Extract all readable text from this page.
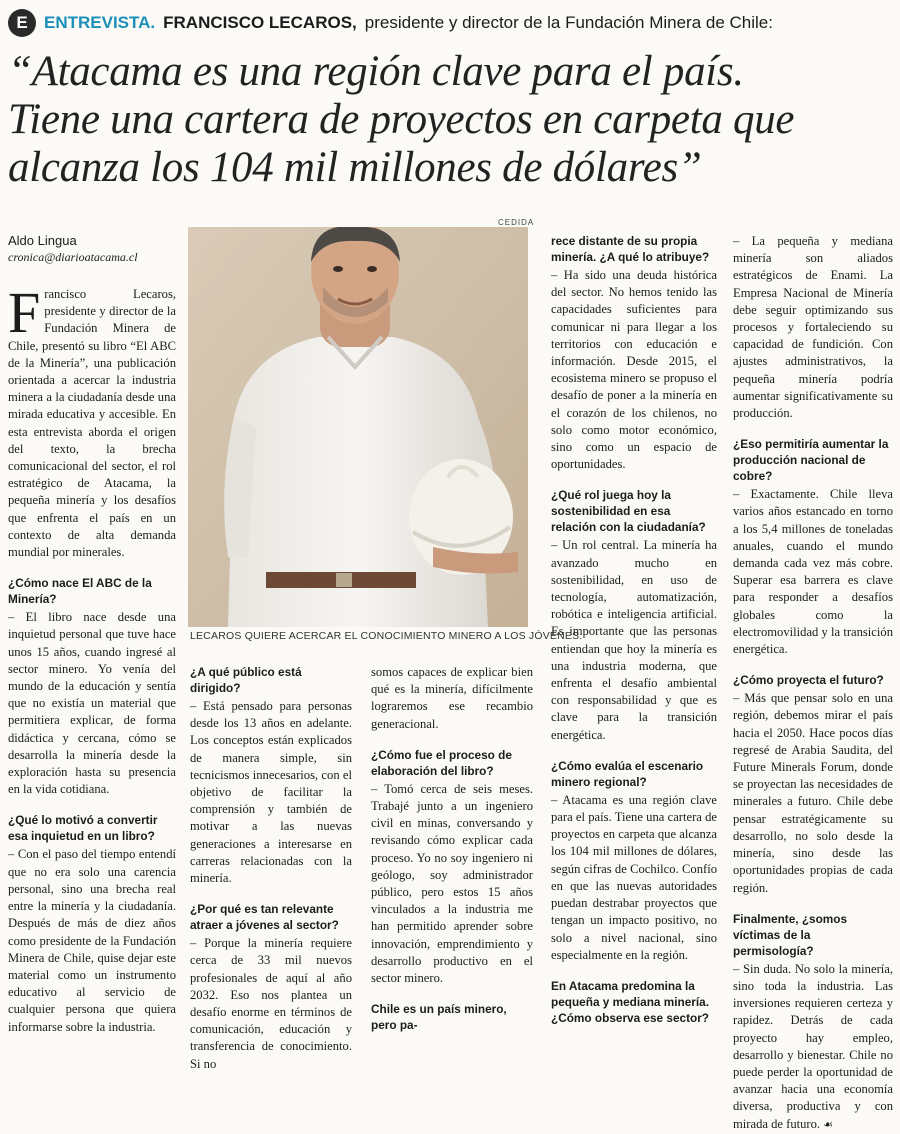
E ENTREVISTA. FRANCISCO LECAROS, presidente y director de la Fundación Minera de Chile:
“Atacama es una región clave para el país.
Tiene una cartera de proyectos en carpeta que
alcanza los 104 mil millones de dólares”
Aldo Lingua
cronica@diarioatacama.cl
CEDIDA
LECAROS QUIERE ACERCAR EL CONOCIMIENTO MINERO A LOS JÓVENES.

Francisco Lecaros, presidente y director de la Fundación Minera de Chile, presentó su libro “El ABC de la Minería”, una publicación orientada a acercar la industria minera a la ciudadanía desde una mirada educativa y accesible. En esta entrevista aborda el origen del texto, la brecha comunicacional del sector, el rol estratégico de Atacama, la pequeña minería y los desafíos que enfrenta el país en un contexto de alta demanda mundial por minerales.

¿Cómo nace El ABC de la Minería?

– El libro nace desde una inquietud personal que tuve hace unos 15 años, cuando ingresé al sector minero. Yo venía del mundo de la educación y sentía que no existía un material que permitiera explicar, de forma didáctica y cercana, cómo se desarrolla la minería desde la exploración hasta su presencia en la vida cotidiana.

¿Qué lo motivó a convertir esa inquietud en un libro?

– Con el paso del tiempo entendí que no era solo una carencia personal, sino una brecha real entre la minería y la ciudadanía. Después de más de diez años como presidente de la Fundación Minera de Chile, quise dejar este material como un instrumento educativo al servicio de cualquier persona que quiera informarse sobre la industria.

¿A qué público está dirigido?

– Está pensado para personas desde los 13 años en adelante. Los conceptos están explicados de manera simple, sin tecnicismos innecesarios, con el objetivo de facilitar la comprensión y también de motivar a las nuevas generaciones a interesarse en carreras relacionadas con la minería.

¿Por qué es tan relevante atraer a jóvenes al sector?

– Porque la minería requiere cerca de 33 mil nuevos profesionales de aquí al año 2032. Eso nos plantea un desafío enorme en términos de comunicación, educación y transferencia de conocimiento. Si no

somos capaces de explicar bien qué es la minería, difícilmente lograremos ese recambio generacional.

¿Cómo fue el proceso de elaboración del libro?

– Tomó cerca de seis meses. Trabajé junto a un ingeniero civil en minas, conversando y revisando cómo explicar cada proceso. Yo no soy ingeniero ni geólogo, soy administrador público, pero estos 15 años vinculados a la industria me han permitido aprender sobre innovación, emprendimiento y desarrollo productivo en el sector minero.

Chile es un país minero, pero pa-
rece distante de su propia minería. ¿A qué lo atribuye?

– Ha sido una deuda histórica del sector. No hemos tenido las capacidades suficientes para comunicar ni para llegar a los territorios con educación e información. Desde 2015, el ecosistema minero se propuso el desafío de poner a la minería en el corazón de los chilenos, no solo como motor económico, sino como un espacio de oportunidades.

¿Qué rol juega hoy la sostenibilidad en esa relación con la ciudadanía?

– Un rol central. La minería ha avanzado mucho en sostenibilidad, en uso de tecnología, automatización, robótica e inteligencia artificial. Es importante que las personas entiendan que hoy la minería es una industria moderna, que enfrenta el desafío ambiental con responsabilidad y que es clave para la transición energética.

¿Cómo evalúa el escenario minero regional?

– Atacama es una región clave para el país. Tiene una cartera de proyectos en carpeta que alcanza los 104 mil millones de dólares, según cifras de Cochilco. Confío en que las nuevas autoridades puedan destrabar proyectos que tengan un impacto positivo, no solo a nivel nacional, sino especialmente en la región.

En Atacama predomina la pequeña y mediana minería. ¿Cómo observa ese sector?

– La pequeña y mediana minería son aliados estratégicos de Enami. La Empresa Nacional de Minería debe seguir optimizando sus procesos y fortaleciendo su capacidad de fundición. Con ajustes administrativos, la pequeña minería podría aumentar significativamente su producción.

¿Eso permitiría aumentar la producción nacional de cobre?

– Exactamente. Chile lleva varios años estancado en torno a los 5,4 millones de toneladas anuales, cuando el mundo demanda cada vez más cobre. Superar esa barrera es clave para responder a desafíos globales como la electromovilidad y la transición energética.

¿Cómo proyecta el futuro?

– Más que pensar solo en una región, debemos mirar el país hacia el 2050. Hace pocos días regresé de Arabia Saudita, del Future Minerals Forum, donde se proyectan las necesidades de minerales a futuro. Chile debe pensar estratégicamente su desarrollo, no solo desde la minería, sino desde las oportunidades propias de cada región.

Finalmente, ¿somos víctimas de la permisología?

– Sin duda. No solo la minería, sino toda la industria. Las inversiones requieren certeza y rapidez. Detrás de cada proyecto hay empleo, desarrollo y bienestar. Chile no puede perder la oportunidad de avanzar hacia una economía diversa, productiva y con mirada de futuro. ☙
